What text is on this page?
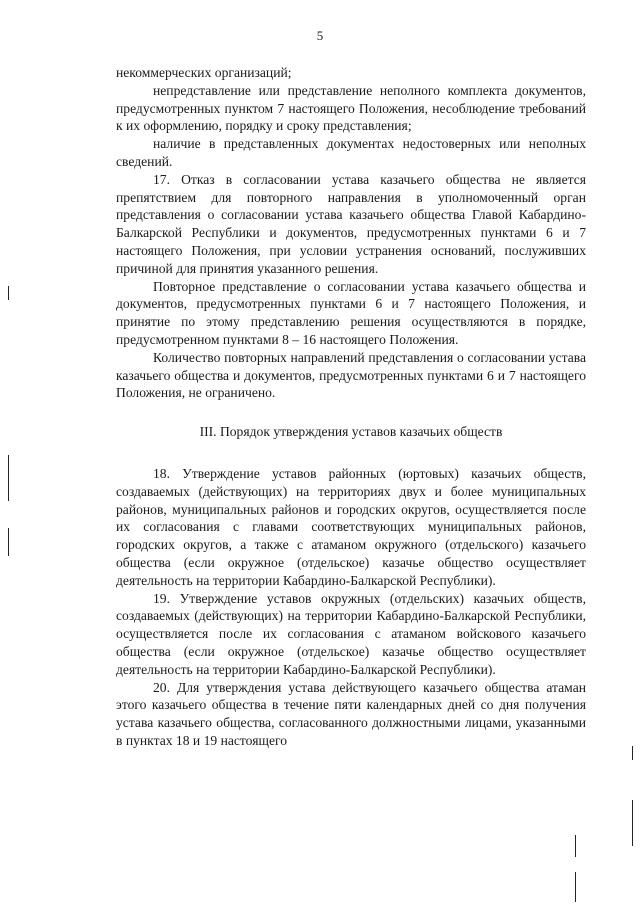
5

некоммерческих организаций;

непредставление или представление неполного комплекта документов, предусмотренных пунктом 7 настоящего Положения, несоблюдение требований к их оформлению, порядку и сроку представления;

наличие в представленных документах недостоверных или неполных сведений.

17. Отказ в согласовании устава казачьего общества не является препятствием для повторного направления в уполномоченный орган представления о согласовании устава казачьего общества Главой Кабардино-Балкарской Республики и документов, предусмотренных пунктами 6 и 7 настоящего Положения, при условии устранения оснований, послуживших причиной для принятия указанного решения.

Повторное представление о согласовании устава казачьего общества и документов, предусмотренных пунктами 6 и 7 настоящего Положения, и принятие по этому представлению решения осуществляются в порядке, предусмотренном пунктами 8 – 16 настоящего Положения.

Количество повторных направлений представления о согласовании устава казачьего общества и документов, предусмотренных пунктами 6 и 7 настоящего Положения, не ограничено.

III. Порядок утверждения уставов казачьих обществ

18. Утверждение уставов районных (юртовых) казачьих обществ, создаваемых (действующих) на территориях двух и более муниципальных районов, муниципальных районов и городских округов, осуществляется после их согласования с главами соответствующих муниципальных районов, городских округов, а также с атаманом окружного (отдельского) казачьего общества (если окружное (отдельское) казачье общество осуществляет деятельность на территории Кабардино-Балкарской Республики).

19. Утверждение уставов окружных (отдельских) казачьих обществ, создаваемых (действующих) на территории Кабардино-Балкарской Республики, осуществляется после их согласования с атаманом войскового казачьего общества (если окружное (отдельское) казачье общество осуществляет деятельность на территории Кабардино-Балкарской Республики).

20. Для утверждения устава действующего казачьего общества атаман этого казачьего общества в течение пяти календарных дней со дня получения устава казачьего общества, согласованного должностными лицами, указанными в пунктах 18 и 19 настоящего
